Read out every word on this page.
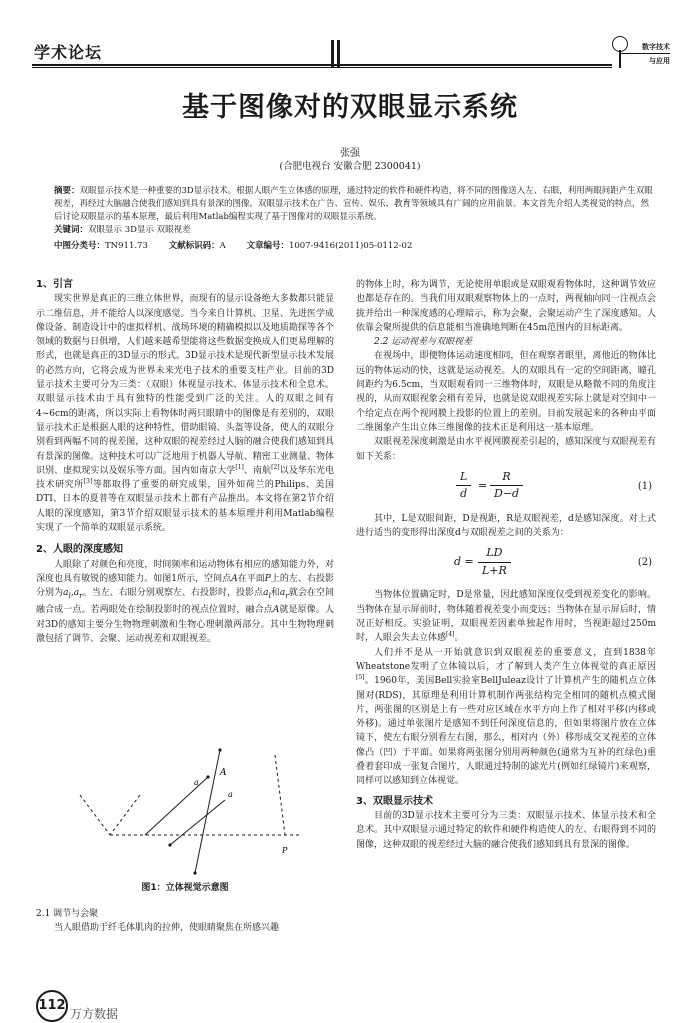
学术论坛	数字技术
与应用
基于图像对的双眼显示系统
张强
(合肥电视台 安徽合肥 2300041)
摘要：双眼显示技术是一种重要的3D显示技术。根据人眼产生立体感的原理，通过特定的软件和硬件构造，将不同的图像送入左、右眼，利用两眼间距产生双眼视差，再经过大脑融合使我们感知到具有景深的图像。双眼显示技术在广告、宣传、娱乐、教育等领域具有广阔的应用前景。本文首先介绍人类视觉的特点，然后讨论双眼显示的基本原理，最后利用Matlab编程实现了基于图像对的双眼显示系统。
关键词：双眼显示 3D显示 双眼视差
中图分类号：TN911.73 文献标识码：A 文章编号：1007-9416(2011)05-0112-02

1、引言

现实世界是真正的三维立体世界，而现有的显示设备绝大多数都只能显示二维信息，并不能给人以深度感觉。当今来自计算机、卫星、先进医学成像设备、制造设计中的虚拟样机、战场环境的精确模拟以及地质勘探等各个领域的数据与日俱增，人们越来越希望能将这些数据变换成人们更易理解的形式，也就是真正的3D显示的形式。3D显示技术是现代新型显示技术发展的必然方向，它将会成为世界未来光电子技术的重要支柱产业。目前的3D显示技术主要可分为三类：（双眼）体视显示技术、体显示技术和全息术。双眼显示技术由于具有独特的性能受到广泛的关注。人的双眼之间有4~6cm的距离，所以实际上看物体时两只眼睛中的图像是有差别的，双眼显示技术正是根据人眼的这种特性，借助眼镜、头盔等设备，使人的双眼分别看到两幅不同的视差图，这种双眼的视差经过人脑的融合使我们感知到具有景深的图像。这种技术可以广泛地用于机器人导航、精密工业测量、物体识别、虚拟现实以及娱乐等方面。国内如南京大学[1]、南航[2]以及华东光电技术研究所[3]等都取得了重要的研究成果，国外如荷兰的Philips、美国DTI、日本的夏普等在双眼显示技术上都有产品推出。本文将在第2节介绍人眼的深度感知，第3节介绍双眼显示技术的基本原理并利用Matlab编程实现了一个简单的双眼显示系统。

2、人眼的深度感知

人眼除了对颜色和亮度，时间频率和运动物体有相应的感知能力外，对深度也具有敏锐的感知能力。如图1所示，空间点A在平面P上的左、右投影分别为$a_l,a_r$。当左、右眼分别观察左、右投影时，投影点$a_l$和$a_r$就会在空间融合成一点。若两眼处在绘制投影时的视点位置时，融合点A就是原像。人对3D的感知主要分生物物理刺激和生物心理刺激两部分。其中生物物理刺激包括了调节、会聚、运动视差和双眼视差。

A
a
a
P
图1：立体视觉示意图

2.1 调节与会聚

当人眼借助于纤毛体肌肉的拉伸，使眼睛聚焦在所感兴趣

的物体上时，称为调节，无论使用单眼或是双眼观看物体时，这种调节效应也都是存在的。当我们用双眼观察物体上的一点时，两视轴向同一注视点会拢并给出一种深度感的心理暗示，称为会聚，会聚运动产生了深度感知。人依靠会聚所提供的信息能相当准确地判断在45m范围内的目标距离。

2.2 运动视差与双眼视差

在视场中，即便物体运动速度相同，但在观察者眼里，离他近的物体比远的物体运动的快，这就是运动视差。人的双眼具有一定的空间距离，瞳孔间距约为6.5cm，当双眼观看同一三维物体时，双眼是从略微不同的角度注视的，从而双眼视象会稍有差异，也就是说双眼视差实际上就是对空间中一个给定点在两个视网膜上投影的位置上的差别。目前发展起来的各种由平面二维图象产生出立体三维图像的技术正是利用这一基本原理。

双眼视差深度刺激是由水平视网膜视差引起的，感知深度与双眼视差有如下关系：

L
d
=
R
D−d
(1)

其中，L是双眼间距，D是视距，R是双眼视差，d是感知深度。对上式进行适当的变形得出深度d与双眼视差之间的关系为：

d =
LD
L+R
(2)

当物体位置确定时，D是常量，因此感知深度仅受到视差变化的影响。当物体在显示屏前时，物体随着视差变小而变远；当物体在显示屏后时，情况正好相反。实验证明，双眼视差因素单独起作用时，当视距超过250m时，人眼会失去立体感[4]。

人们并不是从一开始就意识到双眼视差的重要意义，直到1838年Wheatstone发明了立体镜以后，才了解到人类产生立体视觉的真正原因[5]。1960年，美国Bell实验室BellJuleaz设计了计算机产生的随机点立体图对(RDS)，其原理是利用计算机制作两张结构完全相同的随机点模式图片，两张图的区别是上有一些对应区域在水平方向上作了相对平移(内移或外移)。通过单张图片是感知不到任何深度信息的，但如果将图片放在立体镜下，使左右眼分别看左右图，那么，相对内（外）移形成交叉视差的立体像凸（凹）于平面。如果将两张图分别用两种颜色(通常为互补的红绿色)重叠着套印成一张复合图片，人眼通过特制的滤光片(例如红绿镜片)来观察，同样可以感知到立体视觉。

3、双眼显示技术

目前的3D显示技术主要可分为三类：双眼显示技术、体显示技术和全息术。其中双眼显示通过特定的软件和硬件构造使人的左、右眼得到不同的图像，这种双眼的视差经过大脑的融合使我们感知到具有景深的图像。

112
万方数据
